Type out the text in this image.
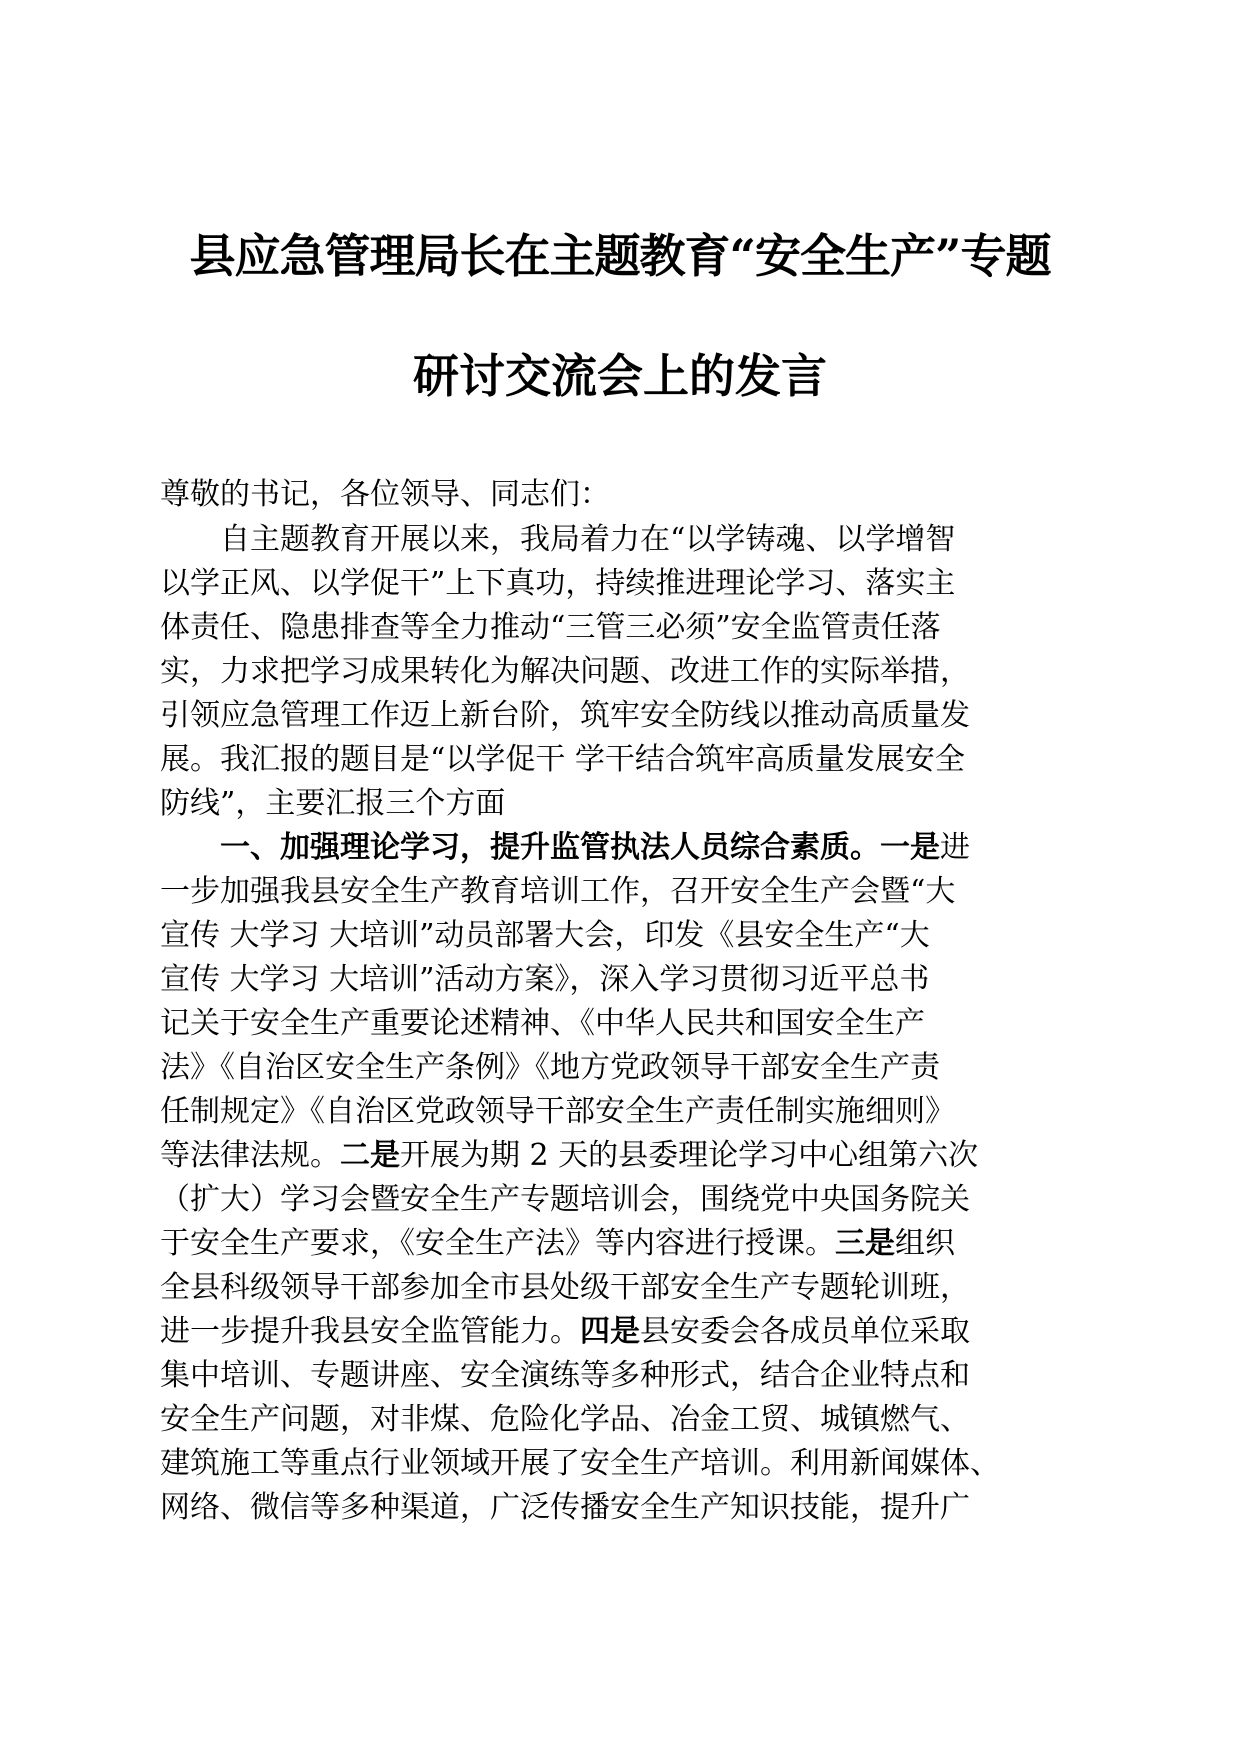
县应急管理局长在主题教育“安全生产”专题
研讨交流会上的发言
尊敬的书记，各位领导、同志们：
自主题教育开展以来，我局着力在“以学铸魂、以学增智
以学正风、以学促干”上下真功，持续推进理论学习、落实主
体责任、隐患排查等全力推动“三管三必须”安全监管责任落
实，力求把学习成果转化为解决问题、改进工作的实际举措，
引领应急管理工作迈上新台阶，筑牢安全防线以推动高质量发
展。我汇报的题目是“以学促干 学干结合筑牢高质量发展安全
防线”，主要汇报三个方面
一、加强理论学习，提升监管执法人员综合素质。一是进
一步加强我县安全生产教育培训工作，召开安全生产会暨“大
宣传 大学习 大培训”动员部署大会，印发《县安全生产“大
宣传 大学习 大培训”活动方案》，深入学习贯彻习近平总书
记关于安全生产重要论述精神、《中华人民共和国安全生产
法》《自治区安全生产条例》《地方党政领导干部安全生产责
任制规定》《自治区党政领导干部安全生产责任制实施细则》
等法律法规。二是开展为期 2 天的县委理论学习中心组第六次
（扩大）学习会暨安全生产专题培训会，围绕党中央国务院关
于安全生产要求，《安全生产法》等内容进行授课。三是组织
全县科级领导干部参加全市县处级干部安全生产专题轮训班，
进一步提升我县安全监管能力。四是县安委会各成员单位采取
集中培训、专题讲座、安全演练等多种形式，结合企业特点和
安全生产问题，对非煤、危险化学品、冶金工贸、城镇燃气、
建筑施工等重点行业领域开展了安全生产培训。利用新闻媒体、
网络、微信等多种渠道，广泛传播安全生产知识技能，提升广
